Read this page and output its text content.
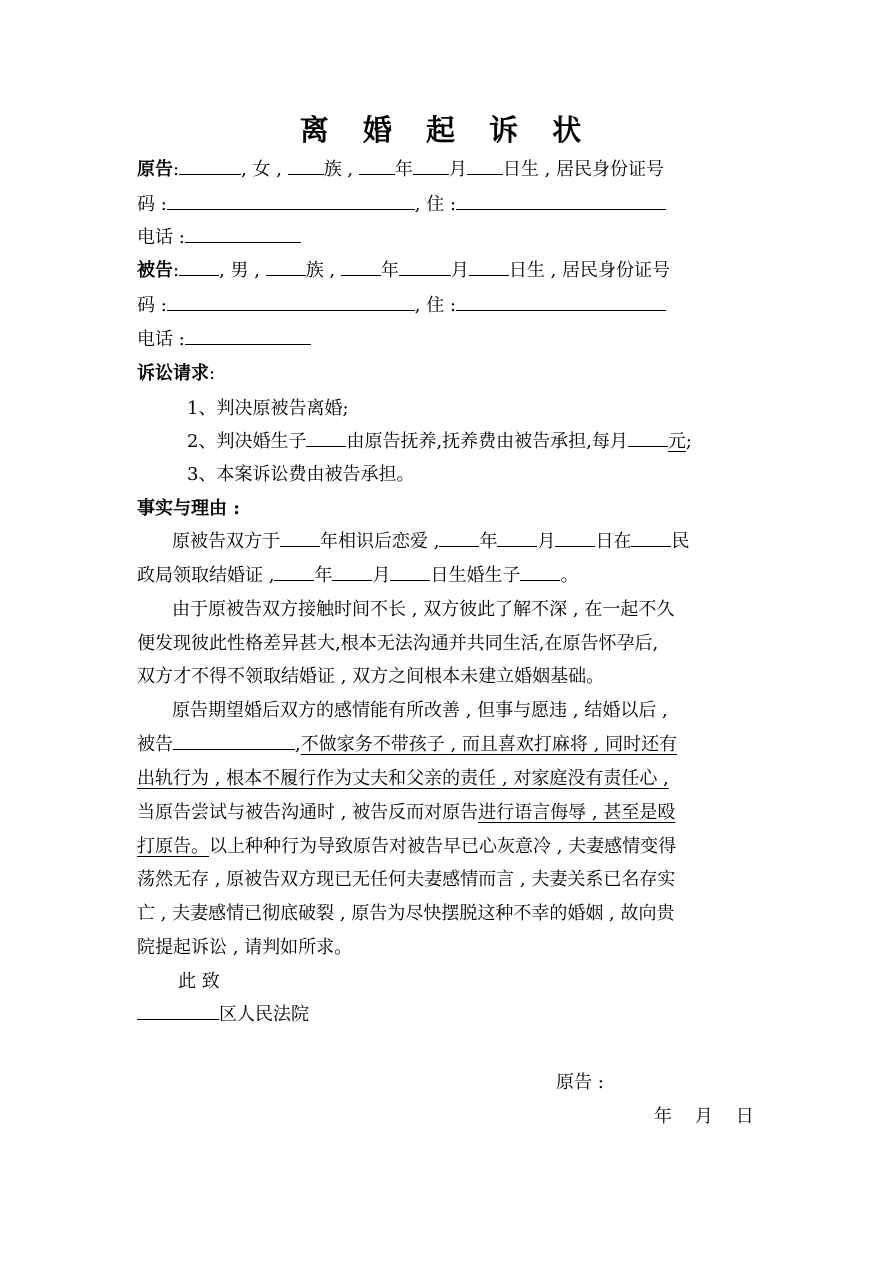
离 婚 起 诉 状
原告:	, 女 , 族 , 年 月 日生 , 居民身份证号
码 :	, 住 :
电话 :
被告: , 男 , 族 , 年	月 日生 , 居民身份证号
码 :	, 住 :
电话 :
诉讼请求:
1、判决原被告离婚;
2、判决婚生子 由原告抚养,抚养费由被告承担,每月 元;
3、本案诉讼费由被告承担。
事实与理由 :
原被告双方于 年相识后恋爱 , 年 月 日在 民
政局领取结婚证 , 年 月 日生婚生子 。
由于原被告双方接触时间不长 , 双方彼此了解不深 , 在一起不久
便发现彼此性格差异甚大,根本无法沟通并共同生活,在原告怀孕后,
双方才不得不领取结婚证 , 双方之间根本未建立婚姻基础。
原告期望婚后双方的感情能有所改善 , 但事与愿违 , 结婚以后 ,
被告	,不做家务不带孩子 , 而且喜欢打麻将 , 同时还有
出轨行为 , 根本不履行作为丈夫和父亲的责任 , 对家庭没有责任心 ,
当原告尝试与被告沟通时 , 被告反而对原告进行语言侮辱 , 甚至是殴
打原告。以上种种行为导致原告对被告早已心灰意冷 , 夫妻感情变得
荡然无存 , 原被告双方现已无任何夫妻感情而言 , 夫妻关系已名存实
亡 , 夫妻感情已彻底破裂 , 原告为尽快摆脱这种不幸的婚姻 , 故向贵
院提起诉讼 , 请判如所求。
此 致
区人民法院
原告 :
年    月    日
